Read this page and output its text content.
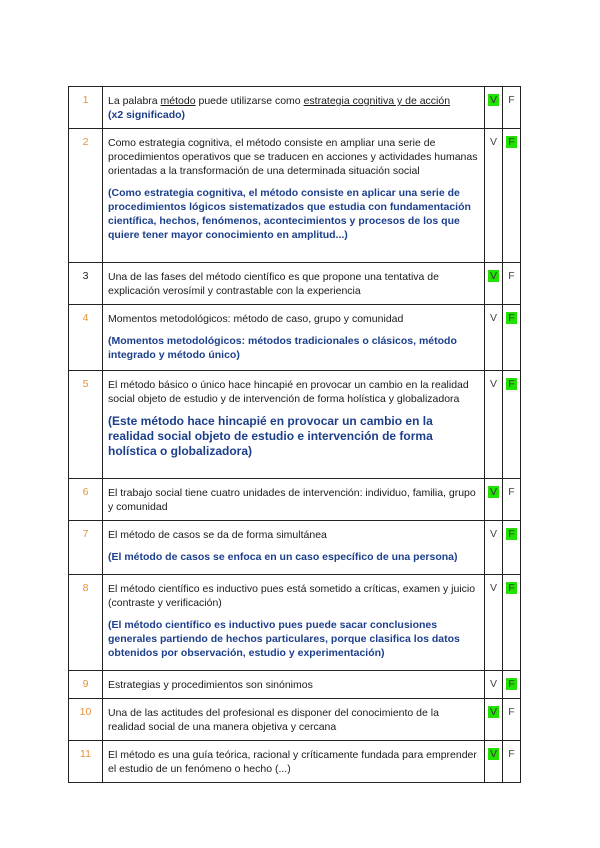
1	La palabra método puede utilizarse como estrategia cognitiva y de acción
(x2 significado)	V	F
2	Como estrategia cognitiva, el método consiste en ampliar una serie de procedimientos operativos que se traducen en acciones y actividades humanas orientadas a la transformación de una determinada situación social
(Como estrategia cognitiva, el método consiste en aplicar una serie de procedimientos lógicos sistematizados que estudia con fundamentación científica, hechos, fenómenos, acontecimientos y procesos de los que quiere tener mayor conocimiento en amplitud...)	V	F
3	Una de las fases del método científico es que propone una tentativa de explicación verosímil y contrastable con la experiencia	V	F
4	Momentos metodológicos: método de caso, grupo y comunidad
(Momentos metodológicos: métodos tradicionales o clásicos, método integrado y método único)	V	F
5	El método básico o único hace hincapié en provocar un cambio en la realidad social objeto de estudio y de intervención de forma holística y globalizadora
(Este método hace hincapié en provocar un cambio en la realidad social objeto de estudio e intervención de forma holística o globalizadora)	V	F
6	El trabajo social tiene cuatro unidades de intervención: individuo, familia, grupo y comunidad	V	F
7	El método de casos se da de forma simultánea
(El método de casos se enfoca en un caso específico de una persona)	V	F
8	El método científico es inductivo pues está sometido a críticas, examen y juicio (contraste y verificación)
(El método científico es inductivo pues puede sacar conclusiones generales partiendo de hechos particulares, porque clasifica los datos obtenidos por observación, estudio y experimentación)	V	F
9	Estrategias y procedimientos son sinónimos	V	F
10	Una de las actitudes del profesional es disponer del conocimiento de la realidad social de una manera objetiva y cercana	V	F
11	El método es una guía teórica, racional y críticamente fundada para emprender el estudio de un fenómeno o hecho (...)	V	F
